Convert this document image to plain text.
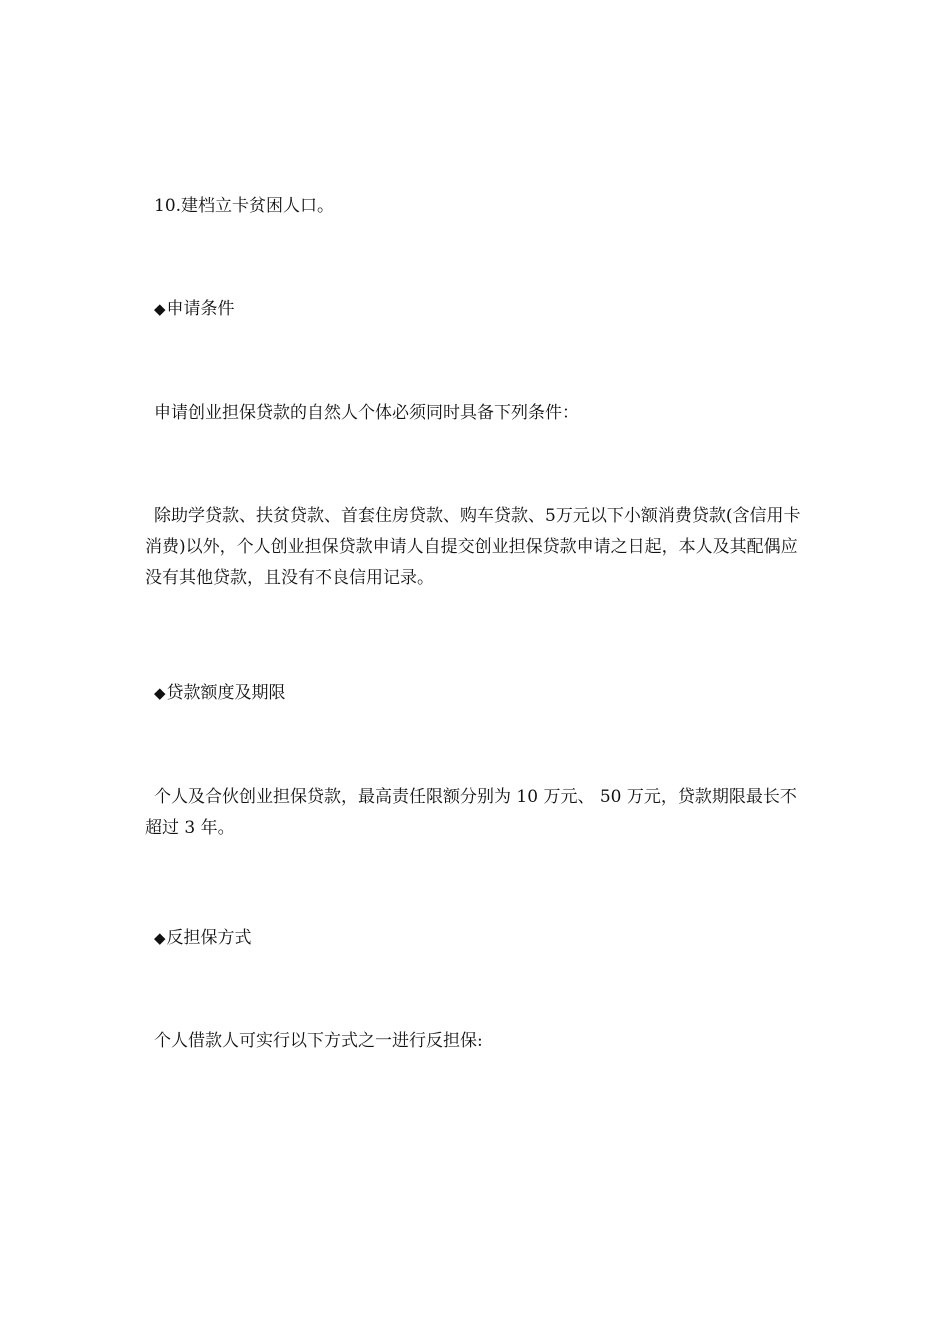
10.建档立卡贫困人口。

◆申请条件

申请创业担保贷款的自然人个体必须同时具备下列条件：

除助学贷款、扶贫贷款、首套住房贷款、购车贷款、5万元以下小额消费贷款(含信用卡消费)以外，个人创业担保贷款申请人自提交创业担保贷款申请之日起，本人及其配偶应没有其他贷款，且没有不良信用记录。

◆贷款额度及期限

个人及合伙创业担保贷款，最高责任限额分别为 10 万元、 50 万元，贷款期限最长不超过 3 年。

◆反担保方式

个人借款人可实行以下方式之一进行反担保:
